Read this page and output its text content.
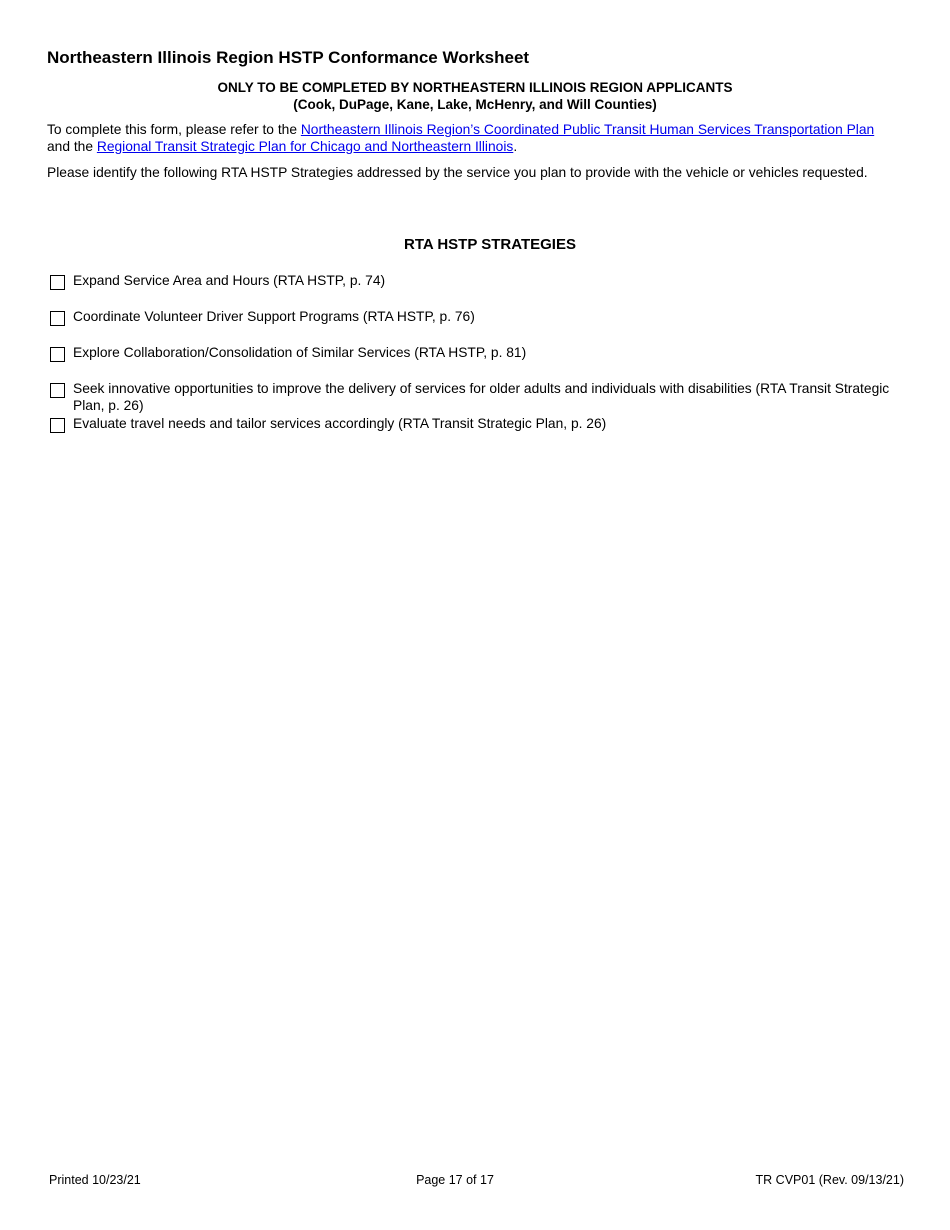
Northeastern Illinois Region HSTP Conformance Worksheet
ONLY TO BE COMPLETED BY NORTHEASTERN ILLINOIS REGION APPLICANTS
(Cook, DuPage, Kane, Lake, McHenry, and Will Counties)

To complete this form, please refer to the Northeastern Illinois Region’s Coordinated Public Transit Human Services Transportation Plan
and the Regional Transit Strategic Plan for Chicago and Northeastern Illinois.

Please identify the following RTA HSTP Strategies addressed by the service you plan to provide with the vehicle or vehicles requested.

RTA HSTP STRATEGIES
Expand Service Area and Hours (RTA HSTP, p. 74)
Coordinate Volunteer Driver Support Programs (RTA HSTP, p. 76)
Explore Collaboration/Consolidation of Similar Services (RTA HSTP, p. 81)
Seek innovative opportunities to improve the delivery of services for older adults and individuals with disabilities (RTA Transit Strategic Plan, p. 26)
Evaluate travel needs and tailor services accordingly (RTA Transit Strategic Plan, p. 26)
Printed 10/23/21	Page 17 of 17	TR CVP01 (Rev. 09/13/21)
